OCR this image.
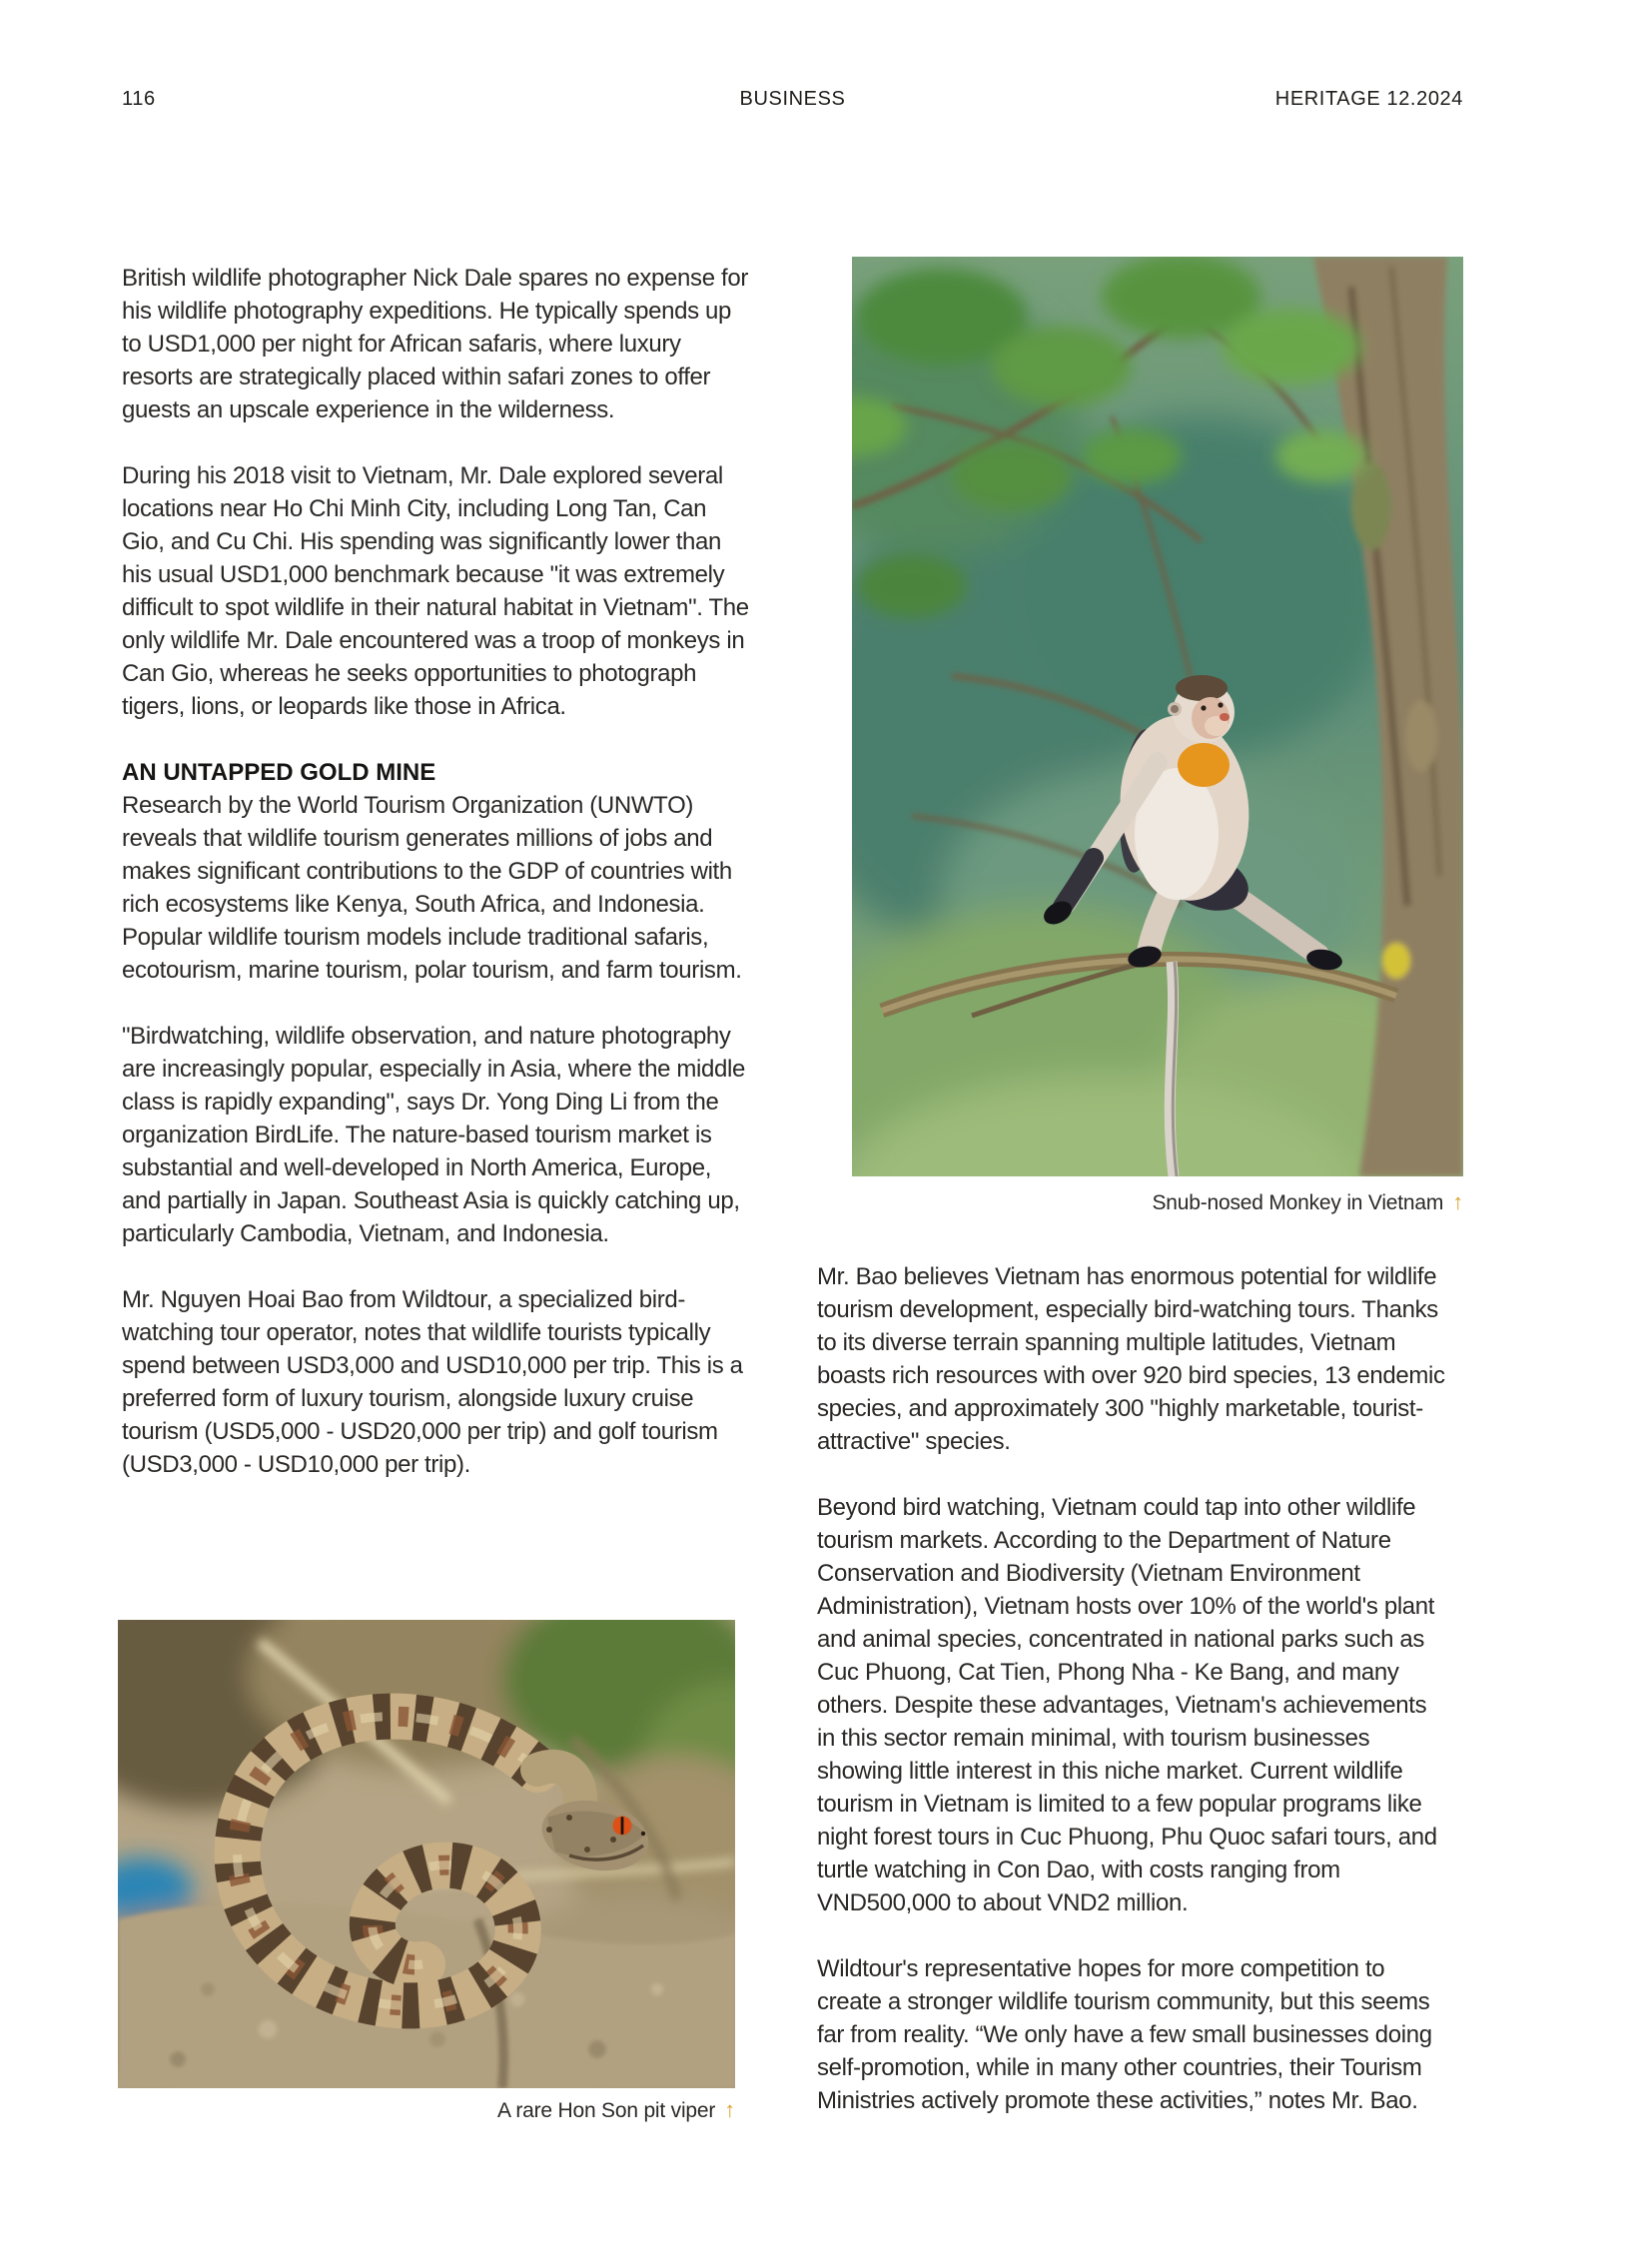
116	BUSINESS	HERITAGE 12.2024

British wildlife photographer Nick Dale spares no expense for his wildlife photography expeditions. He typically spends up to USD1,000 per night for African safaris, where luxury resorts are strategically placed within safari zones to offer guests an upscale experience in the wilderness.

During his 2018 visit to Vietnam, Mr. Dale explored several locations near Ho Chi Minh City, including Long Tan, Can Gio, and Cu Chi. His spending was significantly lower than his usual USD1,000 benchmark because "it was extremely difficult to spot wildlife in their natural habitat in Vietnam". The only wildlife Mr. Dale encountered was a troop of monkeys in Can Gio, whereas he seeks opportunities to photograph tigers, lions, or leopards like those in Africa.

AN UNTAPPED GOLD MINE

Research by the World Tourism Organization (UNWTO) reveals that wildlife tourism generates millions of jobs and makes significant contributions to the GDP of countries with rich ecosystems like Kenya, South Africa, and Indonesia. Popular wildlife tourism models include traditional safaris, ecotourism, marine tourism, polar tourism, and farm tourism.

"Birdwatching, wildlife observation, and nature photography are increasingly popular, especially in Asia, where the middle class is rapidly expanding", says Dr. Yong Ding Li from the organization BirdLife. The nature-based tourism market is substantial and well-developed in North America, Europe, and partially in Japan. Southeast Asia is quickly catching up, particularly Cambodia, Vietnam, and Indonesia.

Mr. Nguyen Hoai Bao from Wildtour, a specialized bird-watching tour operator, notes that wildlife tourists typically spend between USD3,000 and USD10,000 per trip. This is a preferred form of luxury tourism, alongside luxury cruise tourism (USD5,000 - USD20,000 per trip) and golf tourism (USD3,000 - USD10,000 per trip).

Snub-nosed Monkey in Vietnam ↑

Mr. Bao believes Vietnam has enormous potential for wildlife tourism development, especially bird-watching tours. Thanks to its diverse terrain spanning multiple latitudes, Vietnam boasts rich resources with over 920 bird species, 13 endemic species, and approximately 300 "highly marketable, tourist-attractive" species.

Beyond bird watching, Vietnam could tap into other wildlife tourism markets. According to the Department of Nature Conservation and Biodiversity (Vietnam Environment Administration), Vietnam hosts over 10% of the world's plant and animal species, concentrated in national parks such as Cuc Phuong, Cat Tien, Phong Nha - Ke Bang, and many others. Despite these advantages, Vietnam's achievements in this sector remain minimal, with tourism businesses showing little interest in this niche market. Current wildlife tourism in Vietnam is limited to a few popular programs like night forest tours in Cuc Phuong, Phu Quoc safari tours, and turtle watching in Con Dao, with costs ranging from VND500,000 to about VND2 million.

Wildtour's representative hopes for more competition to create a stronger wildlife tourism community, but this seems far from reality. “We only have a few small businesses doing self-promotion, while in many other countries, their Tourism Ministries actively promote these activities,” notes Mr. Bao.

A rare Hon Son pit viper ↑
